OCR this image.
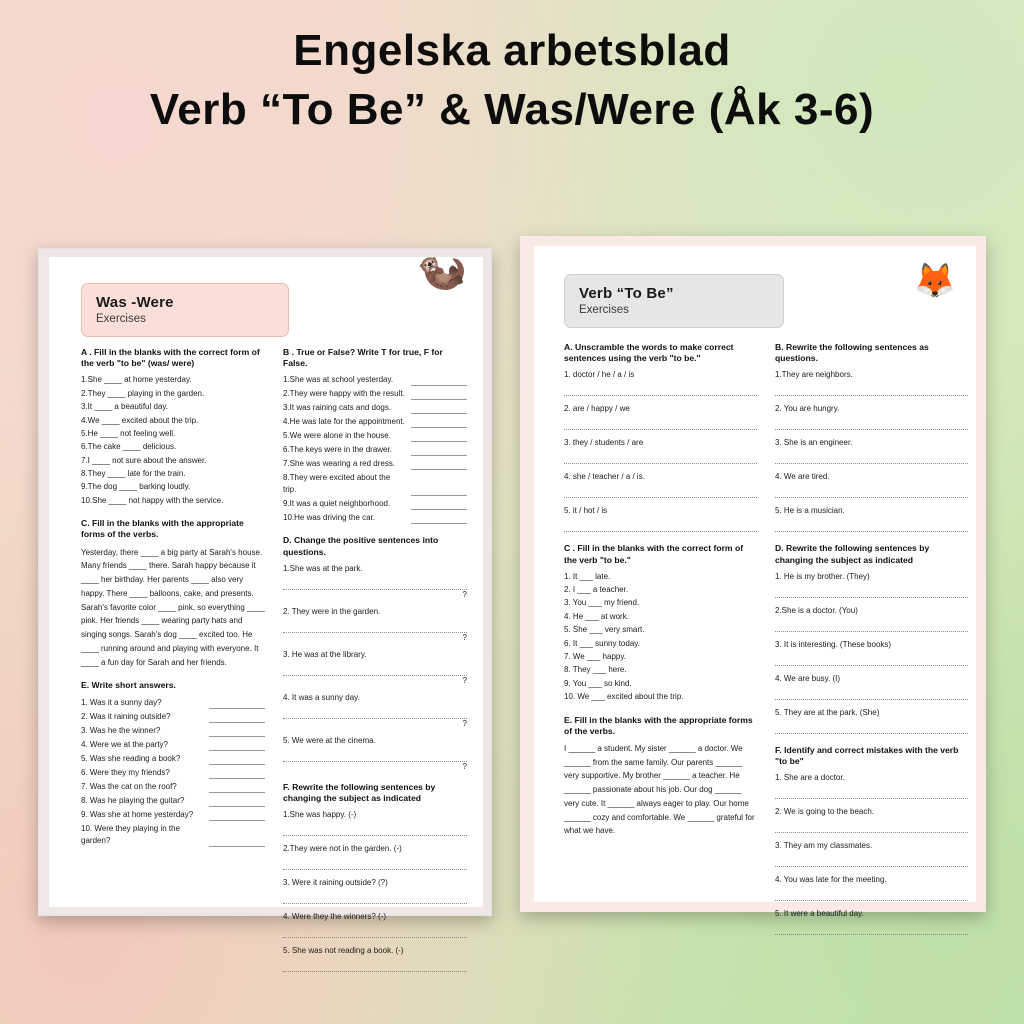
Engelska arbetsblad
Verb “To Be” & Was/Were (Åk 3-6)
Was -Were
Exercises
🦦
A . Fill in the blanks with the correct form of the verb "to be" (was/ were)
1.She ____ at home yesterday.
2.They ____ playing in the garden.
3.It ____ a beautiful day.
4.We ____ excited about the trip.
5.He ____ not feeling well.
6.The cake ____ delicious.
7.I ____ not sure about the answer.
8.They ____ late for the train.
9.The dog ____ barking loudly.
10.She ____ not happy with the service.
C. Fill in the blanks with the appropriate forms of the verbs.
Yesterday, there ____ a big party at Sarah's house. Many friends ____ there. Sarah happy because it ____ her birthday. Her parents ____ also very happy. There ____ balloons, cake, and presents. Sarah's favorite color ____ pink, so everything ____ pink. Her friends ____ wearing party hats and singing songs. Sarah's dog ____ excited too. He ____ running around and playing with everyone. It ____ a fun day for Sarah and her friends.
E. Write short answers.
1. Was it a sunny day?
2. Was it raining outside?
3. Was he the winner?
4. Were we at the party?
5. Was she reading a book?
6. Were they my friends?
7. Was the cat on the roof?
8. Was he playing the guitar?
9. Was she at home yesterday?
10. Were they playing in the garden?
B . True or False? Write T for true, F for False.
1.She was at school yesterday.
2.They were happy with the result.
3.It was raining cats and dogs.
4.He was late for the appointment.
5.We were alone in the house.
6.The keys were in the drawer.
7.She was wearing a red dress.
8.They were excited about the trip.
9.It was a quiet neighborhood.
10.He was driving the car.
D. Change the positive sentences into questions.
1.She was at the park.
?
2. They were in the garden.
?
3. He was at the library.
?
4. It was a sunny day.
?
5. We were at the cinema.
?
F. Rewrite the following sentences by changing the subject as indicated
1.She was happy. (-)
2.They were not in the garden. (-)
3. Were it raining outside? (?)
4. Were they the winners? (-)
5. She was not reading a book. (-)
Verb “To Be”
Exercises
🦊
A. Unscramble the words to make correct sentences using the verb "to be."
1. doctor / he / a / is
2. are / happy / we
3. they / students / are
4. she / teacher / a / is.
5. it / hot / is
C . Fill in the blanks with the correct form of the verb "to be."
1. It ___ late.
2. I ___ a teacher.
3. You ___ my friend.
4. He ___ at work.
5. She ___ very smart.
6. It ___ sunny today.
7. We ___ happy.
8. They ___ here.
9. You ___ so kind.
10. We ___ excited about the trip.
E. Fill in the blanks with the appropriate forms of the verbs.
I ______ a student. My sister ______ a doctor. We ______ from the same family. Our parents ______ very supportive. My brother ______ a teacher. He ______ passionate about his job. Our dog ______ very cute. It ______ always eager to play. Our home ______ cozy and comfortable. We ______ grateful for what we have.
B. Rewrite the following sentences as questions.
1.They are neighbors.
2. You are hungry.
3. She is an engineer.
4. We are tired.
5. He is a musician.
D. Rewrite the following sentences by changing the subject as indicated
1. He is my brother. (They)
2.She is a doctor. (You)
3. It is interesting. (These books)
4. We are busy. (I)
5. They are at the park. (She)
F. Identify and correct mistakes with the verb "to be"
1. She are a doctor.
2. We is going to the beach.
3. They am my classmates.
4. You was late for the meeting.
5. It were a beautiful day.
